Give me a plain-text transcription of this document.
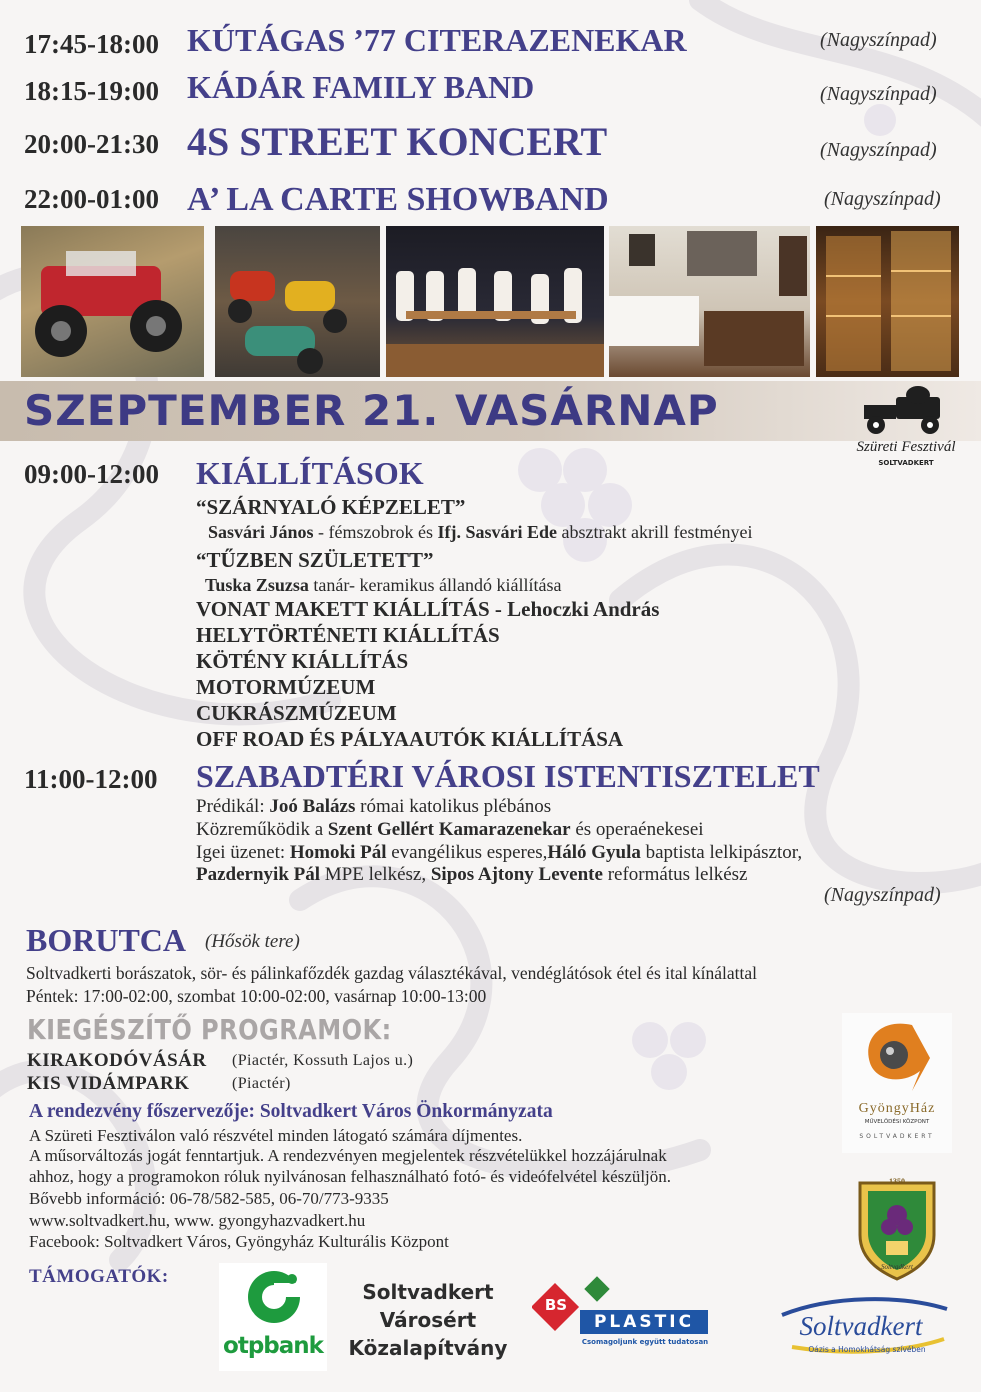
17:45-18:00 KÚTÁGAS ’77 CITERAZENEKAR	(Nagyszínpad)
18:15-19:00 KÁDÁR FAMILY BAND	(Nagyszínpad)
20:00-21:30 4S STREET KONCERT	(Nagyszínpad)
22:00-01:00 A’ LA CARTE SHOWBAND	(Nagyszínpad)
SZEPTEMBER 21. VASÁRNAP
Szüreti Fesztivál
SOLTVADKERT
09:00-12:00 KIÁLLÍTÁSOK
“SZÁRNYALÓ KÉPZELET”
Sasvári János - fémszobrok és Ifj. Sasvári Ede absztrakt akrill festményei
“TŰZBEN SZÜLETETT”
Tuska Zsuzsa tanár- keramikus állandó kiállítása
VONAT MAKETT KIÁLLÍTÁS - Lehoczki András
HELYTÖRTÉNETI KIÁLLÍTÁS
KÖTÉNY KIÁLLÍTÁS
MOTORMÚZEUM
CUKRÁSZMÚZEUM
OFF ROAD ÉS PÁLYAAUTÓK KIÁLLÍTÁSA
11:00-12:00 SZABADTÉRI VÁROSI ISTENTISZTELET
Prédikál: Joó Balázs római katolikus plébános
Közreműködik a Szent Gellért Kamarazenekar és operaénekesei
Igei üzenet: Homoki Pál evangélikus esperes,Háló Gyula baptista lelkipásztor,
Pazdernyik Pál MPE lelkész, Sipos Ajtony Levente református lelkész
(Nagyszínpad)
BORUTCA (Hősök tere)
Soltvadkerti borászatok, sör- és pálinkafőzdék gazdag választékával, vendéglátósok étel és ital kínálattal
Péntek: 17:00-02:00, szombat 10:00-02:00, vasárnap 10:00-13:00
KIEGÉSZÍTŐ PROGRAMOK:
KIRAKODÓVÁSÁR (Piactér, Kossuth Lajos u.)
KIS VIDÁMPARK	(Piactér)
A rendezvény főszervezője: Soltvadkert Város Önkormányzata
A Szüreti Fesztiválon való részvétel minden látogató számára díjmentes.
A műsorváltozás jogát fenntartjuk. A rendezvényen megjelentek részvételükkel hozzájárulnak
ahhoz, hogy a programokon róluk nyilvánosan felhasználható fotó- és videófelvétel készüljön.
Bővebb információ: 06-78/582-585, 06-70/773-9335
www.soltvadkert.hu, www. gyongyhazvadkert.hu
Facebook: Soltvadkert Város, Gyöngyház Kulturális Központ
GyöngyHáz
MŰVELŐDÉSI KÖZPONT
SOLTVADKERT
1350
Soltvadkert
TÁMOGATÓK:
otpbank
Soltvadkert
Városért
Közalapítvány
BS
PLASTIC
Csomagoljunk együtt tudatosan
Soltvadkert
Oázis a Homokhátság szívében
